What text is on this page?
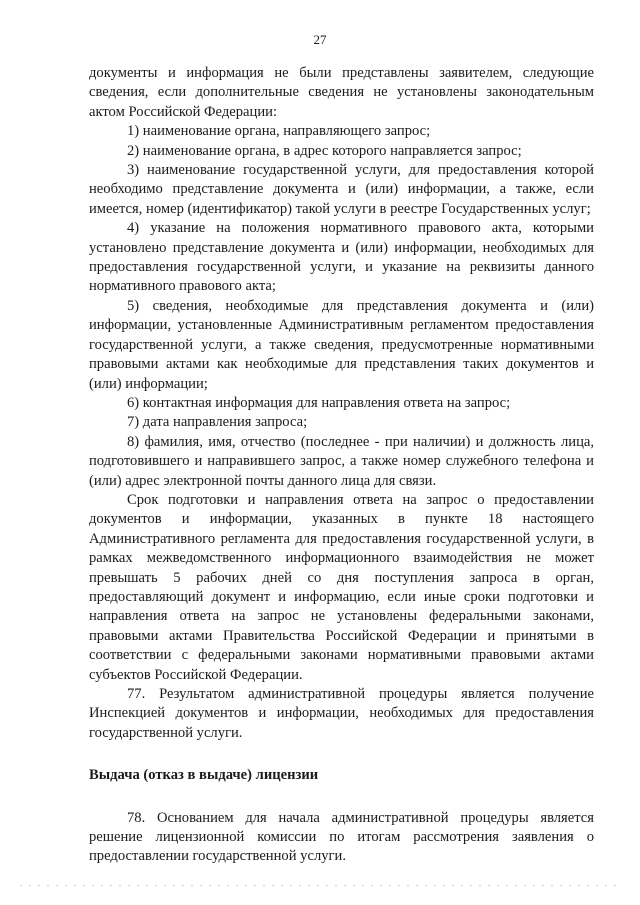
27

документы и информация не были представлены заявителем, следующие сведения, если дополнительные сведения не установлены законодательным актом Российской Федерации:

1) наименование органа, направляющего запрос;

2) наименование органа, в адрес которого направляется запрос;

3) наименование государственной услуги, для предоставления которой необходимо представление документа и (или) информации, а также, если имеется, номер (идентификатор) такой услуги в реестре Государственных услуг;

4) указание на положения нормативного правового акта, которыми установлено представление документа и (или) информации, необходимых для предоставления государственной услуги, и указание на реквизиты данного нормативного правового акта;

5) сведения, необходимые для представления документа и (или) информации, установленные Административным регламентом предоставления государственной услуги, а также сведения, предусмотренные нормативными правовыми актами как необходимые для представления таких документов и (или) информации;

6) контактная информация для направления ответа на запрос;

7) дата направления запроса;

8) фамилия, имя, отчество (последнее - при наличии) и должность лица, подготовившего и направившего запрос, а также номер служебного телефона и (или) адрес электронной почты данного лица для связи.

Срок подготовки и направления ответа на запрос о предоставлении документов и информации, указанных в пункте 18 настоящего Административного регламента для предоставления государственной услуги, в рамках межведомственного информационного взаимодействия не может превышать 5 рабочих дней со дня поступления запроса в орган, предоставляющий документ и информацию, если иные сроки подготовки и направления ответа на запрос не установлены федеральными законами, правовыми актами Правительства Российской Федерации и принятыми в соответствии с федеральными законами нормативными правовыми актами субъектов Российской Федерации.

77. Результатом административной процедуры является получение Инспекцией документов и информации, необходимых для предоставления государственной услуги.

Выдача (отказ в выдаче) лицензии

78. Основанием для начала административной процедуры является решение лицензионной комиссии по итогам рассмотрения заявления о предоставлении государственной услуги.
